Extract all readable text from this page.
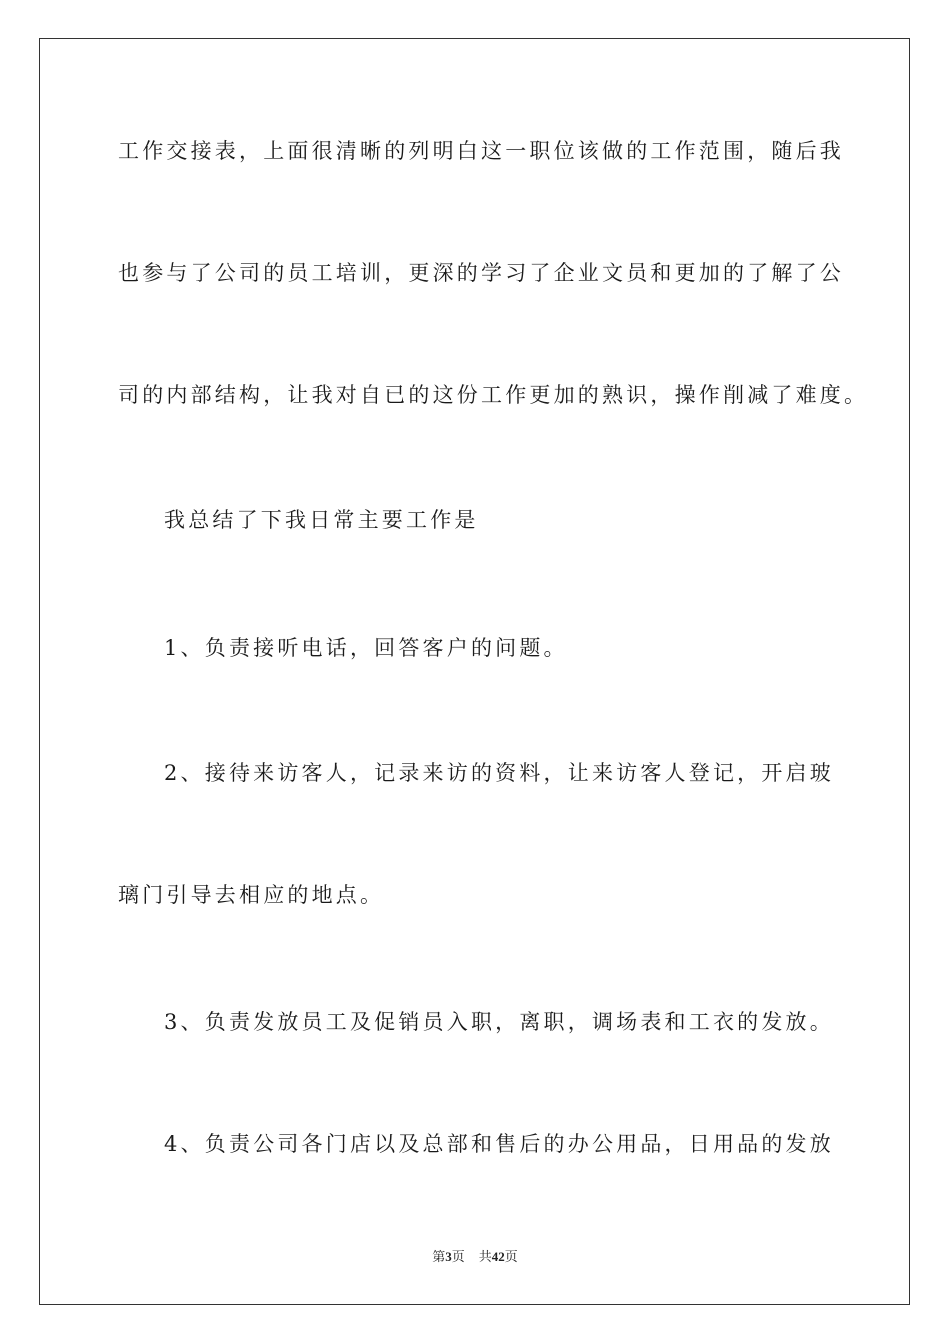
工作交接表，上面很清晰的列明白这一职位该做的工作范围，随后我
也参与了公司的员工培训，更深的学习了企业文员和更加的了解了公
司的内部结构，让我对自已的这份工作更加的熟识，操作削减了难度。
我总结了下我日常主要工作是
1、负责接听电话，回答客户的问题。
2、接待来访客人，记录来访的资料，让来访客人登记，开启玻
璃门引导去相应的地点。
3、负责发放员工及促销员入职，离职，调场表和工衣的发放。
4、负责公司各门店以及总部和售后的办公用品，日用品的发放
第3页 共42页
